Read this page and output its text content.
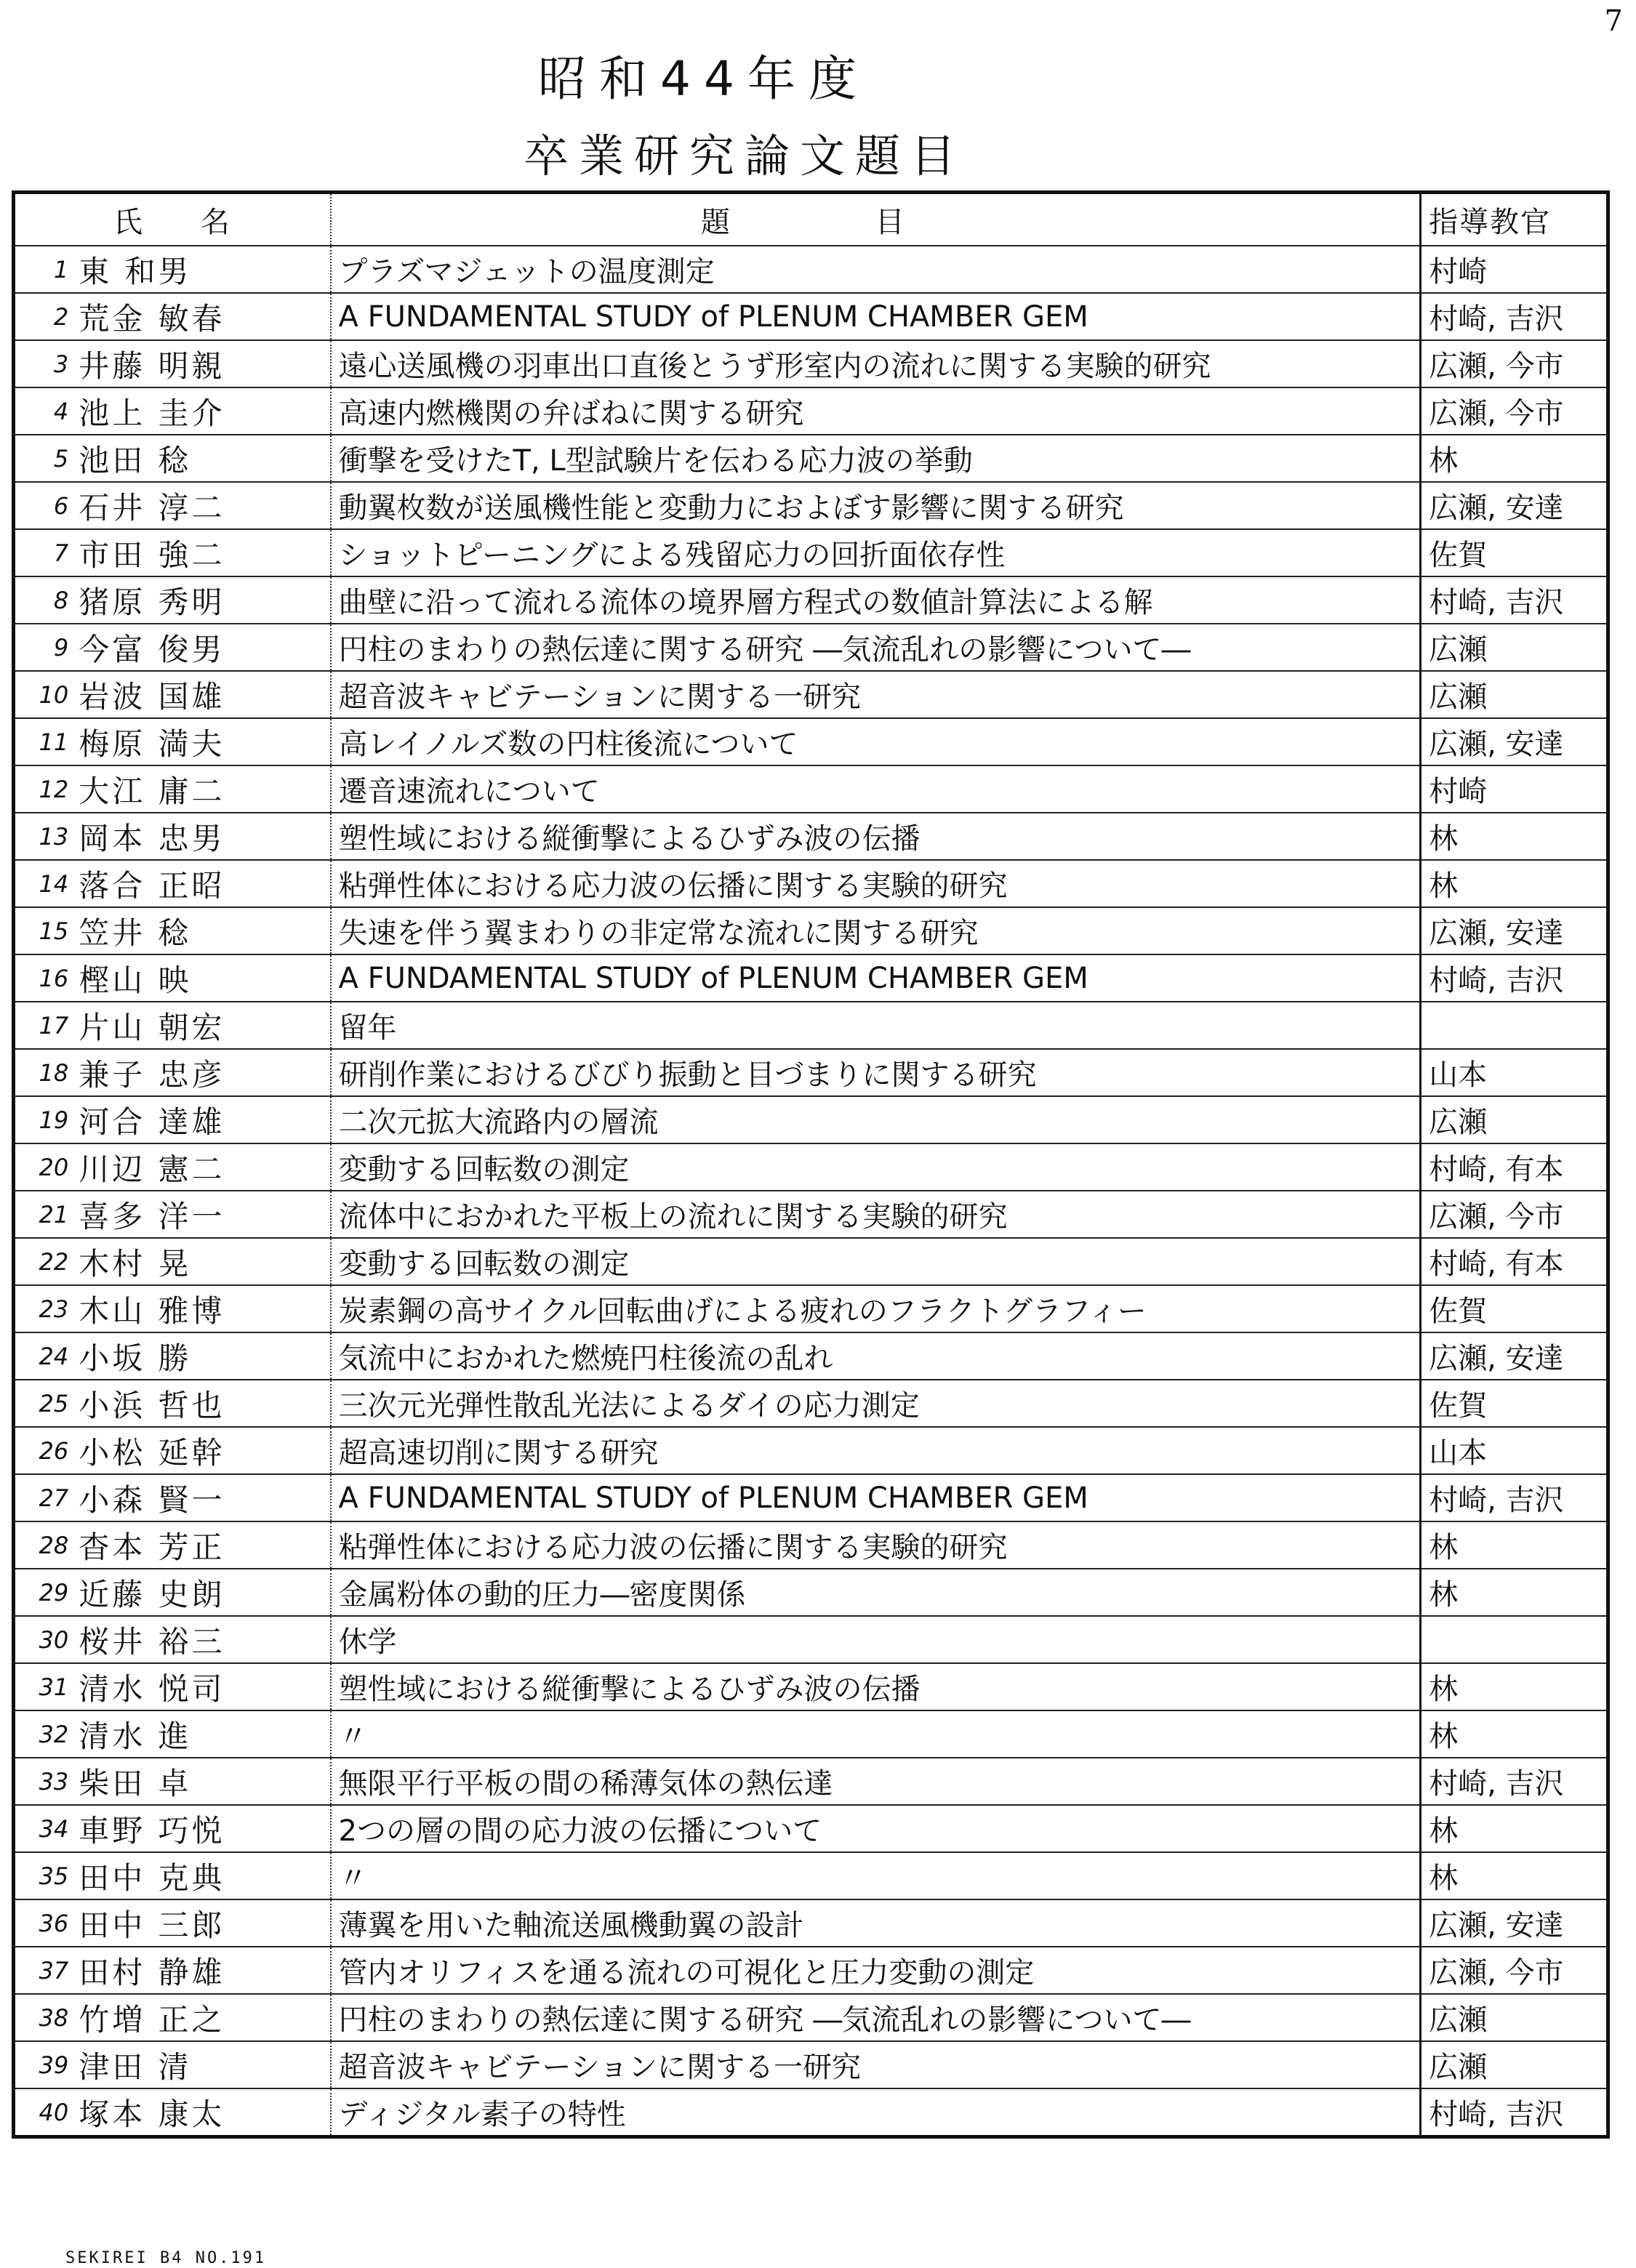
7
昭和44年度
卒業研究論文題目
	氏名	題目	指導教官
1	東 和男	プラズマジェットの温度測定	村崎
2	荒金 敏春	A FUNDAMENTAL STUDY of PLENUM CHAMBER GEM	村崎, 吉沢
3	井藤 明親	遠心送風機の羽車出口直後とうず形室内の流れに関する実験的研究	広瀬, 今市
4	池上 圭介	高速内燃機関の弁ばねに関する研究	広瀬, 今市
5	池田 稔	衝撃を受けたT, L型試験片を伝わる応力波の挙動	林
6	石井 淳二	動翼枚数が送風機性能と変動力におよぼす影響に関する研究	広瀬, 安達
7	市田 強二	ショットピーニングによる残留応力の回折面依存性	佐賀
8	猪原 秀明	曲壁に沿って流れる流体の境界層方程式の数値計算法による解	村崎, 吉沢
9	今富 俊男	円柱のまわりの熱伝達に関する研究 ―気流乱れの影響について―	広瀬
10	岩波 国雄	超音波キャビテーションに関する一研究	広瀬
11	梅原 満夫	高レイノルズ数の円柱後流について	広瀬, 安達
12	大江 庸二	遷音速流れについて	村崎
13	岡本 忠男	塑性域における縦衝撃によるひずみ波の伝播	林
14	落合 正昭	粘弾性体における応力波の伝播に関する実験的研究	林
15	笠井 稔	失速を伴う翼まわりの非定常な流れに関する研究	広瀬, 安達
16	樫山 映	A FUNDAMENTAL STUDY of PLENUM CHAMBER GEM	村崎, 吉沢
17	片山 朝宏	留年	
18	兼子 忠彦	研削作業におけるびびり振動と目づまりに関する研究	山本
19	河合 達雄	二次元拡大流路内の層流	広瀬
20	川辺 憲二	変動する回転数の測定	村崎, 有本
21	喜多 洋一	流体中におかれた平板上の流れに関する実験的研究	広瀬, 今市
22	木村 晃	変動する回転数の測定	村崎, 有本
23	木山 雅博	炭素鋼の高サイクル回転曲げによる疲れのフラクトグラフィー	佐賀
24	小坂 勝	気流中におかれた燃焼円柱後流の乱れ	広瀬, 安達
25	小浜 哲也	三次元光弾性散乱光法によるダイの応力測定	佐賀
26	小松 延幹	超高速切削に関する研究	山本
27	小森 賢一	A FUNDAMENTAL STUDY of PLENUM CHAMBER GEM	村崎, 吉沢
28	杳本 芳正	粘弾性体における応力波の伝播に関する実験的研究	林
29	近藤 史朗	金属粉体の動的圧力―密度関係	林
30	桜井 裕三	休学	
31	清水 悦司	塑性域における縦衝撃によるひずみ波の伝播	林
32	清水 進	〃	林
33	柴田 卓	無限平行平板の間の稀薄気体の熱伝達	村崎, 吉沢
34	車野 巧悦	2つの層の間の応力波の伝播について	林
35	田中 克典	〃	林
36	田中 三郎	薄翼を用いた軸流送風機動翼の設計	広瀬, 安達
37	田村 静雄	管内オリフィスを通る流れの可視化と圧力変動の測定	広瀬, 今市
38	竹増 正之	円柱のまわりの熱伝達に関する研究 ―気流乱れの影響について―	広瀬
39	津田 清	超音波キャビテーションに関する一研究	広瀬
40	塚本 康太	ディジタル素子の特性	村崎, 吉沢
SEKIREI B4 NO.191
